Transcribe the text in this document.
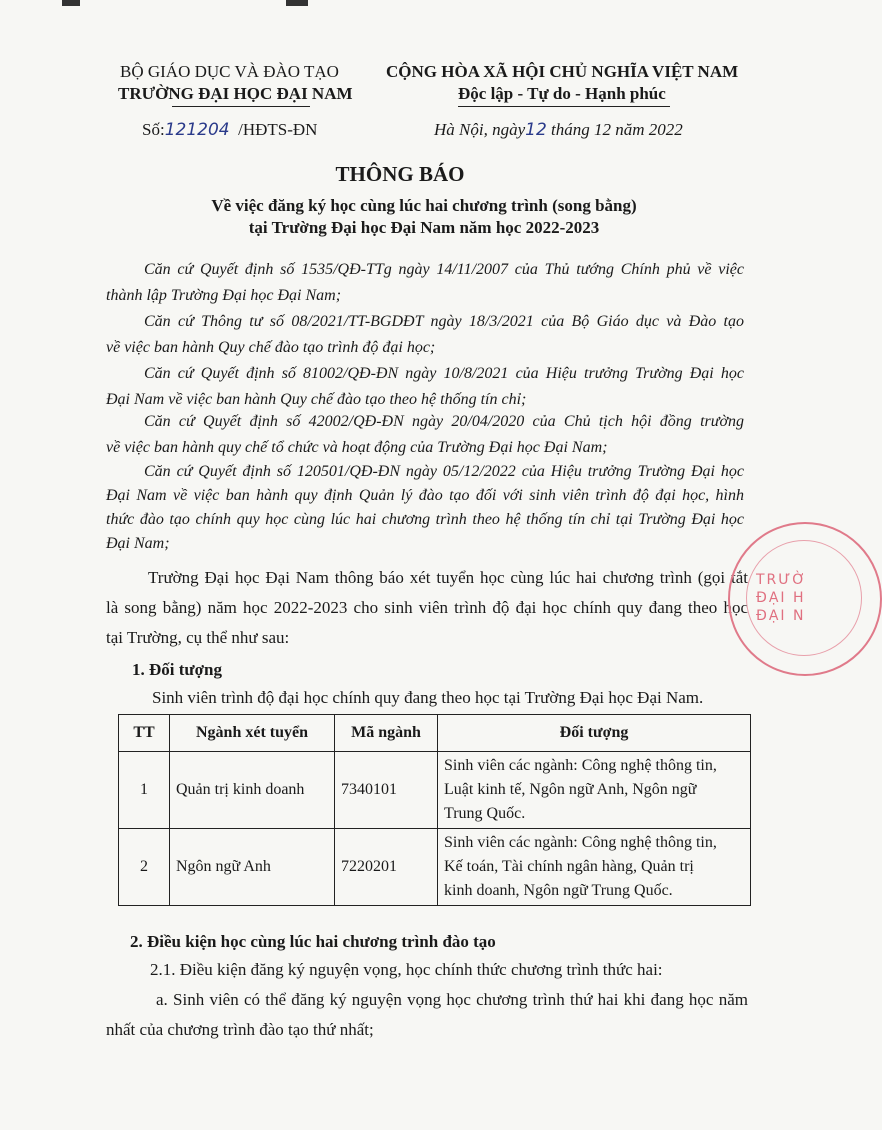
BỘ GIÁO DỤC VÀ ĐÀO TẠO
TRƯỜNG ĐẠI HỌC ĐẠI NAM
CỘNG HÒA XÃ HỘI CHỦ NGHĨA VIỆT NAM
Độc lập - Tự do - Hạnh phúc
Số:121204 /HĐTS-ĐN	Hà Nội, ngày12 tháng 12 năm 2022
THÔNG BÁO
Về việc đăng ký học cùng lúc hai chương trình (song bằng)
tại Trường Đại học Đại Nam năm học 2022-2023
Căn cứ Quyết định số 1535/QĐ-TTg ngày 14/11/2007 của Thủ tướng Chính phủ về việc
thành lập Trường Đại học Đại Nam;
Căn cứ Thông tư số 08/2021/TT-BGDĐT ngày 18/3/2021 của Bộ Giáo dục và Đào tạo
về việc ban hành Quy chế đào tạo trình độ đại học;
Căn cứ Quyết định số 81002/QĐ-ĐN ngày 10/8/2021 của Hiệu trưởng Trường Đại học
Đại Nam về việc ban hành Quy chế đào tạo theo hệ thống tín chỉ;
Căn cứ Quyết định số 42002/QĐ-ĐN ngày 20/04/2020 của Chủ tịch hội đồng trường
về việc ban hành quy chế tổ chức và hoạt động của Trường Đại học Đại Nam;
Căn cứ Quyết định số 120501/QĐ-ĐN ngày 05/12/2022 của Hiệu trưởng Trường Đại học
Đại Nam về việc ban hành quy định Quản lý đào tạo đối với sinh viên trình độ đại học, hình
thức đào tạo chính quy học cùng lúc hai chương trình theo hệ thống tín chỉ tại Trường Đại học
Đại Nam;
Trường Đại học Đại Nam thông báo xét tuyển học cùng lúc hai chương trình (gọi tắt
là song bằng) năm học 2022-2023 cho sinh viên trình độ đại học chính quy đang theo học
tại Trường, cụ thể như sau:
1. Đối tượng
Sinh viên trình độ đại học chính quy đang theo học tại Trường Đại học Đại Nam.
TT	Ngành xét tuyển	Mã ngành	Đối tượng
1	Quản trị kinh doanh	7340101	Sinh viên các ngành: Công nghệ thông tin,
Luật kinh tế, Ngôn ngữ Anh, Ngôn ngữ
Trung Quốc.

2	Ngôn ngữ Anh	7220201	Sinh viên các ngành: Công nghệ thông tin,
Kế toán, Tài chính ngân hàng, Quản trị
kinh doanh, Ngôn ngữ Trung Quốc.
2. Điều kiện học cùng lúc hai chương trình đào tạo
2.1. Điều kiện đăng ký nguyện vọng, học chính thức chương trình thức hai:
a. Sinh viên có thể đăng ký nguyện vọng học chương trình thứ hai khi đang học năm
nhất của chương trình đào tạo thứ nhất;
TRƯỜ
ĐẠI H
ĐẠI N
